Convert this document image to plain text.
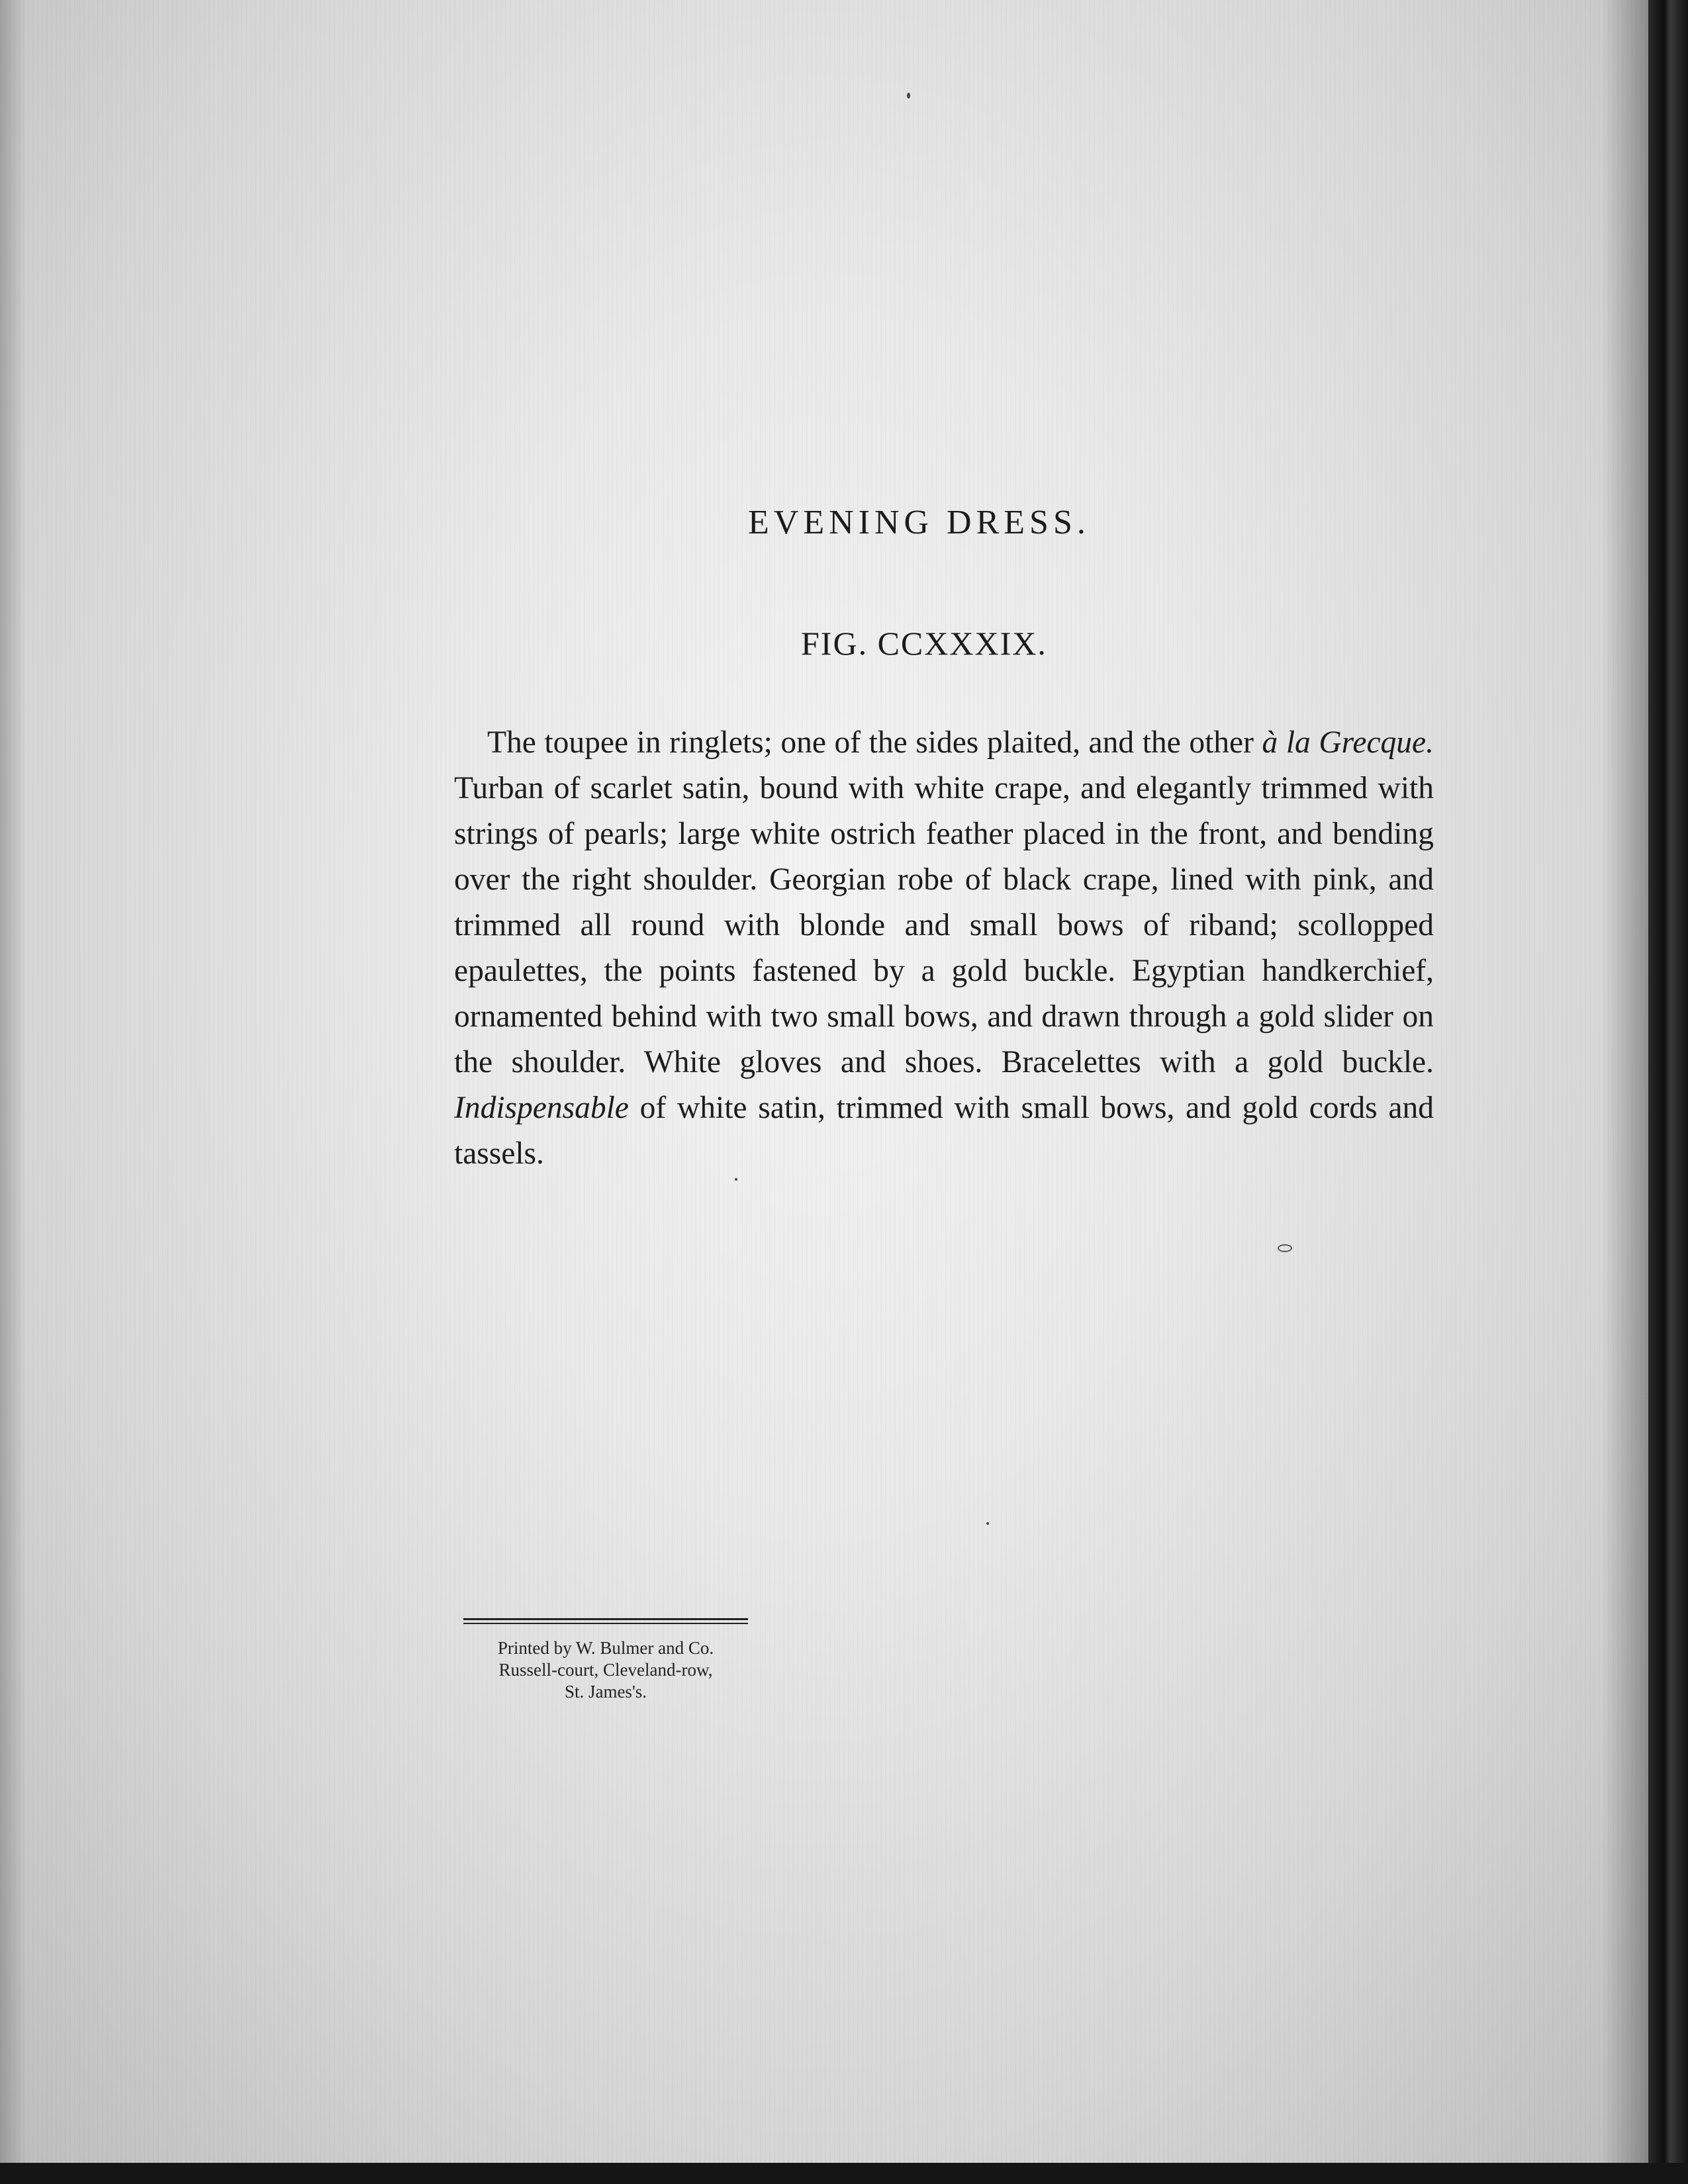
EVENING DRESS.
FIG. CCXXXIX.

The toupee in ringlets; one of the sides plaited, and the other à la Grecque. Turban of scarlet satin, bound with white crape, and elegantly trimmed with strings of pearls; large white ostrich feather placed in the front, and bending over the right shoulder. Georgian robe of black crape, lined with pink, and trimmed all round with blonde and small bows of riband; scollopped epaulettes, the points fastened by a gold buckle. Egyptian handkerchief, ornamented behind with two small bows, and drawn through a gold slider on the shoulder. White gloves and shoes. Bracelettes with a gold buckle. Indispensable of white satin, trimmed with small bows, and gold cords and tassels.

Printed by W. Bulmer and Co.
Russell-court, Cleveland-row,
St. James's.
